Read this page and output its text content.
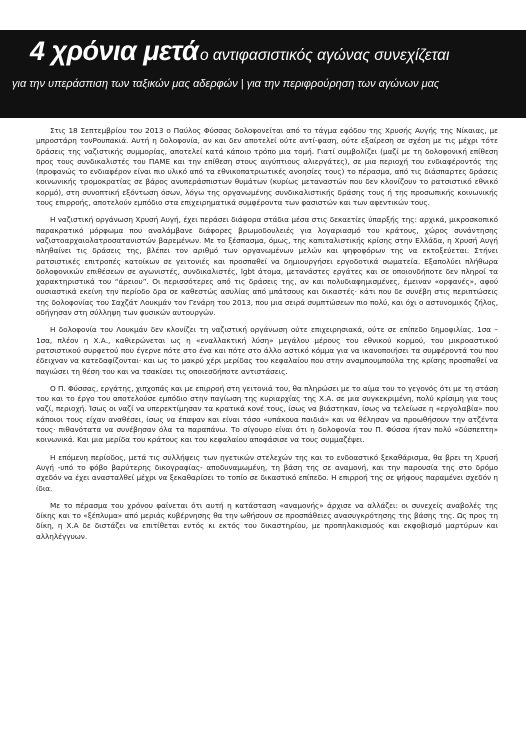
4 χρόνια μετά ο αντιφασιστικός αγώνας συνεχίζεται
για την υπεράσπιση των ταξικών μας αδερφών | για την περιφρούρηση των αγώνων μας

Στις 18 Σεπτεμβρίου του 2013 ο Παύλος Φύσσας δολοφονείται από το τάγμα εφόδου της Χρυσής Αυγής της Νίκαιας, με μπροστάρη τονΡουπακιά. Αυτή η δολοφονία, αν και δεν αποτελεί ούτε αντί-φαση, ούτε εξαίρεση σε σχέση με τις μέχρι τότε δράσεις της ναζιστικής συμμορίας, αποτελεί κατά κάποιο τρόπο μια τομή. Γιατί συμβολίζει (μαζί με τη δολοφονική επίθεση προς τους συνδικαλιστές του ΠΑΜΕ και την επίθεση στους αιγύπτιους αλιεργάτες), σε μια περιοχή του ενδιαφέροντός της (προφανώς το ενδιαφέρον είναι πιο υλικό από τα εθνικοπατριωτικές ανοησίες τους) το πέρασμα, από τις διάσπαρτες δράσεις κοινωνικής τρομοκρατίας σε βάρος ανυπεράσπιστων θυμάτων (κυρίως μεταναστών που δεν κλονίζουν το ρατσιστικό εθνικό κορμό), στη συνοπτική εξόντωση όσων, λόγω της οργανωμένης συνδικαλιστικής δράσης τους ή της προσωπικής κοινωνικής τους επιρροής, αποτελούν εμπόδιο στα επιχειρηματικά συμφέροντα των φασιστών και των αφεντικών τους.

Η ναζιστική οργάνωση Χρυσή Αυγή, έχει περάσει διάφορα στάδια μέσα στις δεκαετίες ύπαρξής της: αρχικά, μικροσκοπικό παρακρατικό μόρφωμα που αναλάμβανε διάφορες βρωμοδουλειές για λογαριασμό του κράτους, χώρος συνάντησης ναζιστοαρχαιολατροσατανιστών βαρεμένων. Με το ξέσπασμα, όμως, της καπιταλιστικής κρίσης στην Ελλάδα, η Χρυσή Αυγή πληθαίνει τις δράσεις της, βλέπει τον αριθμό των οργανωμένων μελών και ψηφοφόρων της να εκτοξεύεται. Στήνει ρατσιστικές επιτροπές κατοίκων σε γειτονιές και προσπαθεί να δημιουργήσει εργοδοτικά σωματεία. Εξαπολύει πλήθωρα δολοφονικών επιθέσεων σε αγωνιστές, συνδικαλιστές, lgbt άτομα, μετανάστες εργάτες και σε οποιονδήποτε δεν πληροί τα χαρακτηριστικά του “άρειου”. Οι περισσότερες από τις δράσεις της, αν και πολυδιαφημισμένες, έμειναν «ορφανές», αφού ουσιαστικά εκείνη την περίοδο δρα σε καθεστώς ασυλίας από μπάτσους και δικαστές· κάτι που δε συνέβη στις περιπτώσεις της δολοφονίας του Σαχζάτ Λουκμάν τον Γενάρη του 2013, που μια σειρά συμπτώσεων πιο πολύ, και όχι ο αστυνομικός ζήλος, οδήγησαν στη σύλληψη των φυσικών αυτουργών.

Η δολοφονία του Λουκμάν δεν κλονίζει τη ναζιστική οργάνωση ούτε επιχειρησιακά, ούτε σε επίπεδο δημοφιλίας. 1σα – 1σα, πλέον η Χ.Α., καθιερώνεται ως η «εναλλακτική λύση» μεγάλου μέρους του εθνικού κορμού, του μικροαστικού ρατσιστικού συρφετού που έγερνε πότε στο ένα και πότε στο άλλο αστικό κόμμα για να ικανοποιήσει τα συμφέροντά του που έδειχναν να κατεδαφίζονται· και ως το μακρύ χέρι μερίδας του κεφαλαίου που στην αναμπουμπούλα της κρίσης προσπαθεί να παγιώσει τη θέση του και να τσακίσει τις οποιεσδήποτε αντιστάσεις.

Ο Π. Φύσσας, εργάτης, χιπχοπάς και με επιρροή στη γειτονιά του, θα πληρώσει με το αίμα του το γεγονός ότι με τη στάση του και το έργο του αποτελούσε εμπόδιο στην παγίωση της κυριαρχίας της Χ.Α. σε μια συγκεκριμένη, πολύ κρίσιμη για τους ναζί, περιοχή. Ίσως οι ναζί να υπερεκτίμησαν τα κρατικά κονέ τους, ίσως να βιάστηκαν, ίσως να τελείωσε η «εργολαβία» που κάποιοι τους είχαν αναθέσει, ίσως να έπαψαν και είναι τόσο «υπάκουα παιδιά» και να θέλησαν να προωθήσουν την ατζέντα τους· πιθανότατα να συνέβησαν όλα τα παραπάνω. Το σίγουρο είναι ότι η δολοφονία του Π. Φύσσα ήταν πολύ «δύσπεπτη» κοινωνικά. Και μια μερίδα του κράτους και του κεφαλαίου αποφάσισε να τους συμμαζέψει.

Η επόμενη περίοδος, μετά τις συλλήψεις των ηγετικών στελεχών της και το ενδοαστικό ξεκαθάρισμα, θα βρει τη Χρυσή Αυγή -υπό το φόβο βαρύτερης δικογραφίας- αποδυναμωμένη, τη βάση της σε αναμονή, και την παρουσία της στο δρόμο σχεδόν να έχει ανασταλθεί μέχρι να ξεκαθαρίσει το τοπίο σε δικαστικό επίπεδο. Η επιρροή της σε ψήφους παραμένει σχεδόν η ίδια.

Με το πέρασμα του χρόνου φαίνεται ότι αυτή η κατάσταση «αναμονής» άρχισε να αλλάζει: οι συνεχείς αναβολές της δίκης και το «ξέπλυμα» από μεριάς κυβέρνησης θα την ωθήσουν σε προσπάθειες ανασυγκρότησης της βάσης της. Ως προς τη δίκη, η Χ.Α δε διστάζει να επιτίθεται εντός κι εκτός του δικαστηρίου, με προπηλακισμούς και εκφοβισμό μαρτύρων και αλληλέγγυων.
